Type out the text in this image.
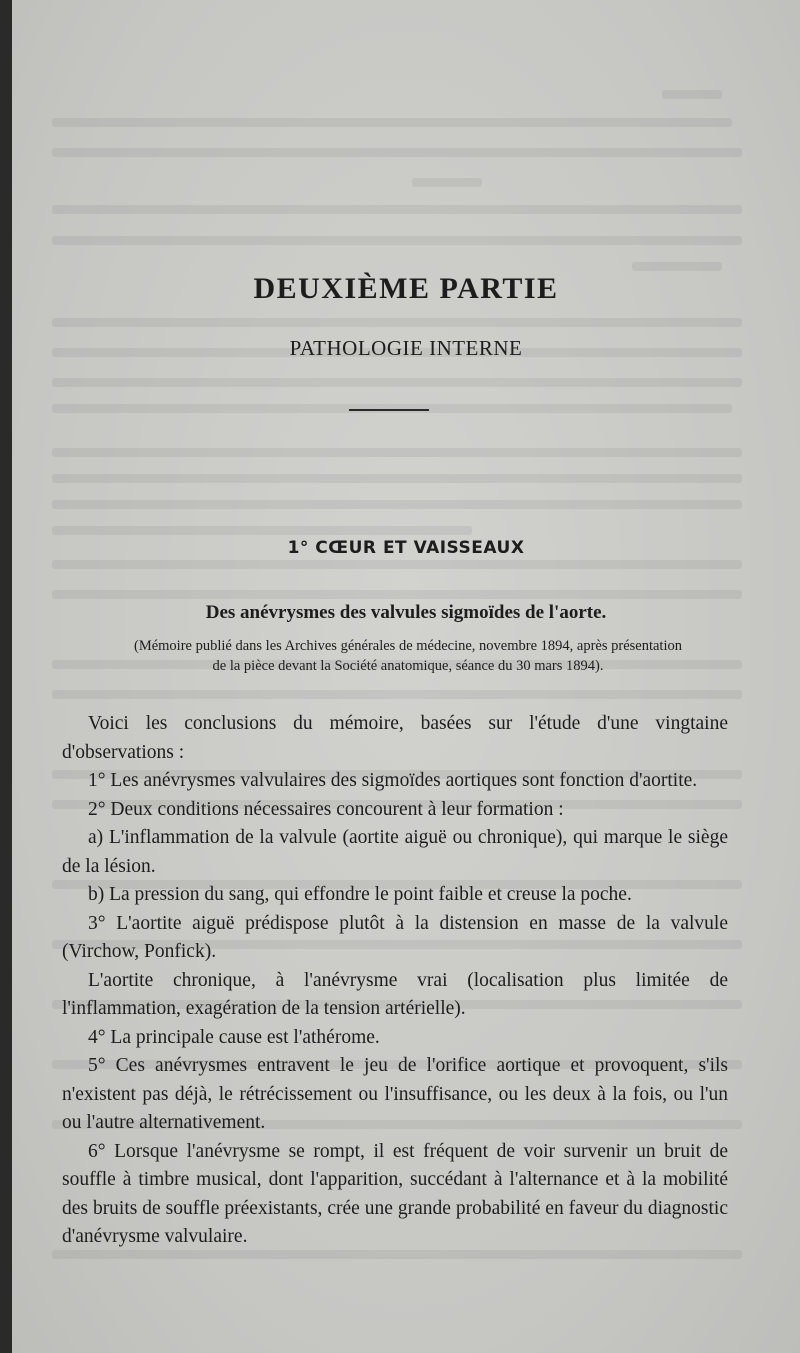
DEUXIÈME PARTIE
PATHOLOGIE INTERNE
1° CŒUR ET VAISSEAUX
Des anévrysmes des valvules sigmoïdes de l'aorte.
(Mémoire publié dans les Archives générales de médecine, novembre 1894, après présentation
de la pièce devant la Société anatomique, séance du 30 mars 1894).

Voici les conclusions du mémoire, basées sur l'étude d'une vingtaine d'observations :

1° Les anévrysmes valvulaires des sigmoïdes aortiques sont fonction d'aortite.

2° Deux conditions nécessaires concourent à leur formation :

a) L'inflammation de la valvule (aortite aiguë ou chronique), qui marque le siège de la lésion.

b) La pression du sang, qui effondre le point faible et creuse la poche.

3° L'aortite aiguë prédispose plutôt à la distension en masse de la valvule (Virchow, Ponfick).

L'aortite chronique, à l'anévrysme vrai (localisation plus limitée de l'inflammation, exagération de la tension artérielle).

4° La principale cause est l'athérome.

5° Ces anévrysmes entravent le jeu de l'orifice aortique et provoquent, s'ils n'existent pas déjà, le rétrécissement ou l'insuffisance, ou les deux à la fois, ou l'un ou l'autre alternativement.

6° Lorsque l'anévrysme se rompt, il est fréquent de voir survenir un bruit de souffle à timbre musical, dont l'apparition, succédant à l'alternance et à la mobilité des bruits de souffle préexistants, crée une grande probabilité en faveur du diagnostic d'anévrysme valvulaire.
